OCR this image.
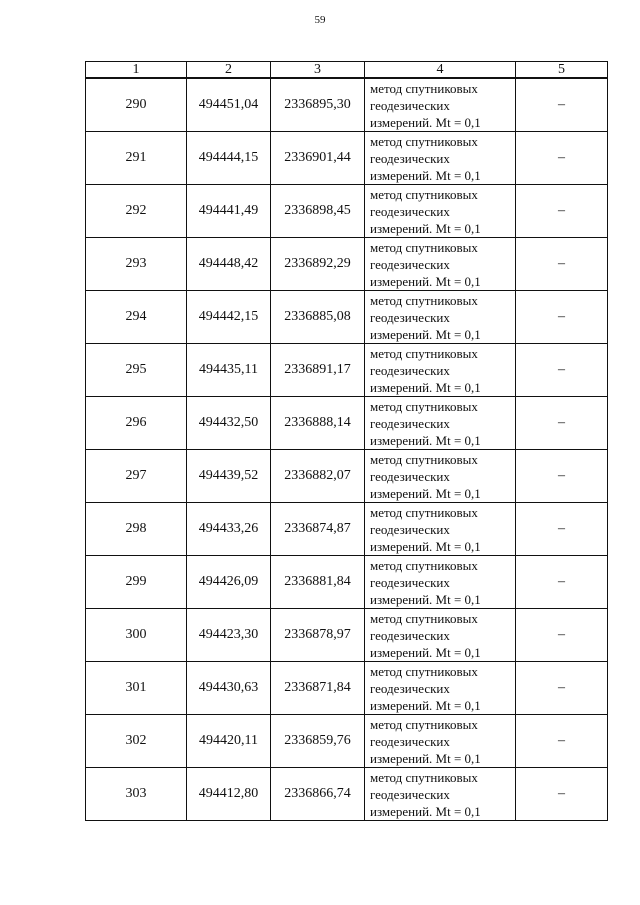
59
1	2	3	4	5
290	494451,04	2336895,30	метод спутниковых
геодезических
измерений. Mt = 0,1	–
291	494444,15	2336901,44	метод спутниковых
геодезических
измерений. Mt = 0,1	–
292	494441,49	2336898,45	метод спутниковых
геодезических
измерений. Mt = 0,1	–
293	494448,42	2336892,29	метод спутниковых
геодезических
измерений. Mt = 0,1	–
294	494442,15	2336885,08	метод спутниковых
геодезических
измерений. Mt = 0,1	–
295	494435,11	2336891,17	метод спутниковых
геодезических
измерений. Mt = 0,1	–
296	494432,50	2336888,14	метод спутниковых
геодезических
измерений. Mt = 0,1	–
297	494439,52	2336882,07	метод спутниковых
геодезических
измерений. Mt = 0,1	–
298	494433,26	2336874,87	метод спутниковых
геодезических
измерений. Mt = 0,1	–
299	494426,09	2336881,84	метод спутниковых
геодезических
измерений. Mt = 0,1	–
300	494423,30	2336878,97	метод спутниковых
геодезических
измерений. Mt = 0,1	–
301	494430,63	2336871,84	метод спутниковых
геодезических
измерений. Mt = 0,1	–
302	494420,11	2336859,76	метод спутниковых
геодезических
измерений. Mt = 0,1	–
303	494412,80	2336866,74	метод спутниковых
геодезических
измерений. Mt = 0,1	–
